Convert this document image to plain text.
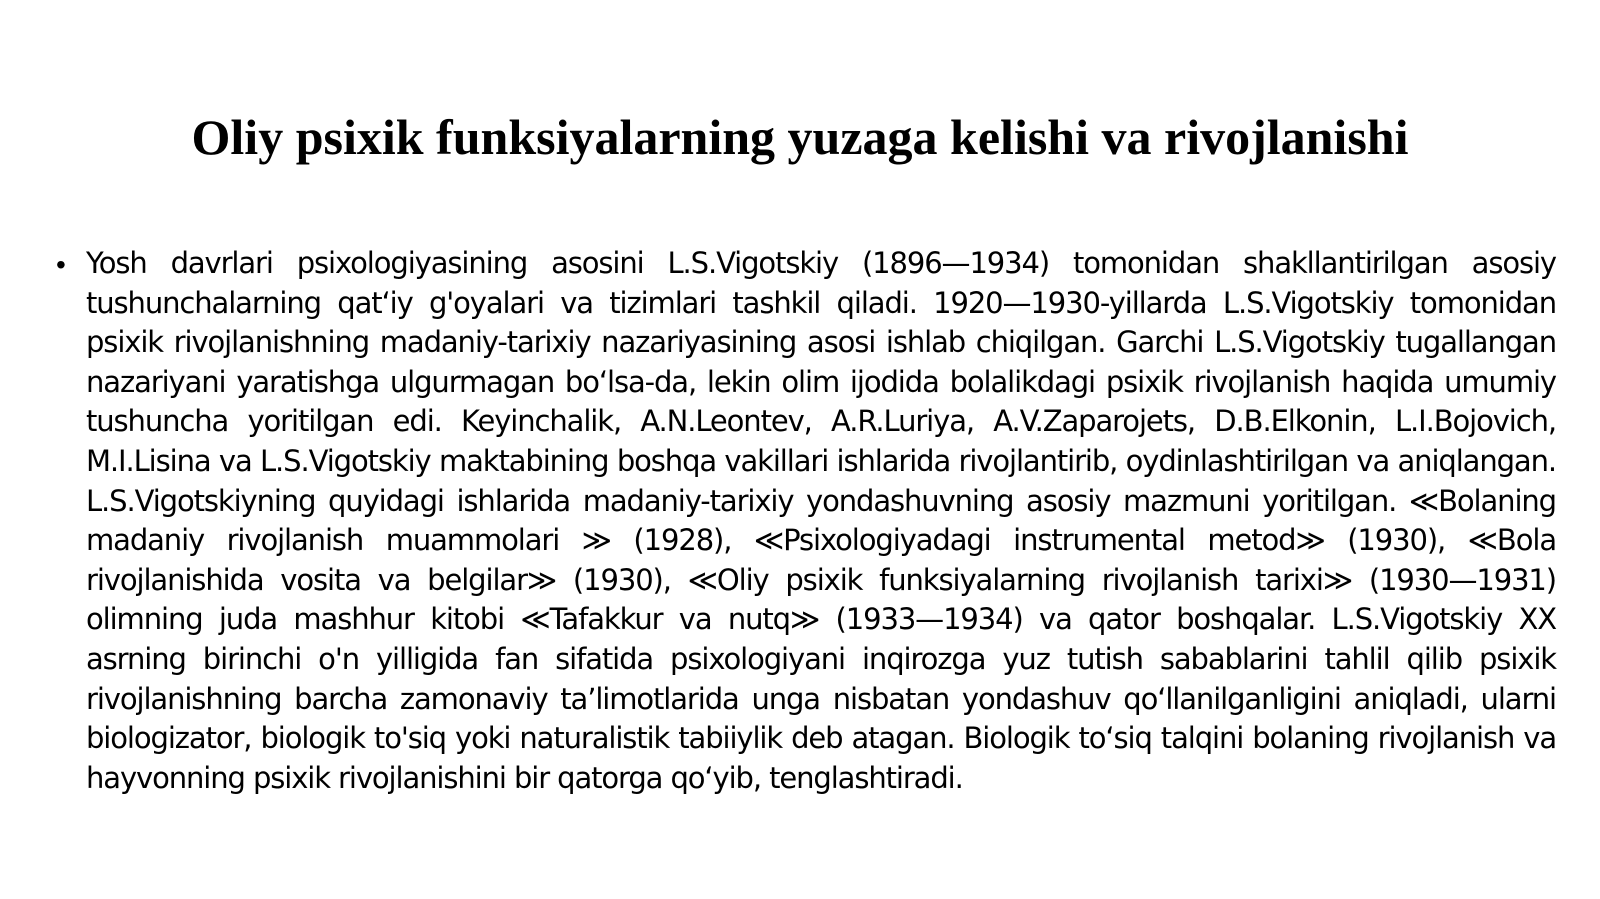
Oliy psixik funksiyalarning yuzaga kelishi va rivojlanishi
• Yosh davrlari psixologiyasining asosini L.S.Vigotskiy (1896—1934) tomonidan shakllantirilgan asosiy tushunchalarning qat‘iy g'oyalari va tizimlari tashkil qiladi. 1920—1930-yillarda L.S.Vigotskiy tomonidan psixik rivojlanishning madaniy-tarixiy nazariyasining asosi ishlab chiqilgan. Garchi L.S.Vigotskiy tugallangan nazariyani yaratishga ulgurmagan bo‘lsa-da, lekin olim ijodida bolalikdagi psixik rivojlanish haqida umumiy tushuncha yoritilgan edi. Keyinchalik, A.N.Leontev, A.R.Luriya, A.V.Zaparojets, D.B.Elkonin, L.I.Bojovich, M.I.Lisina va L.S.Vigotskiy maktabining boshqa vakillari ishlarida rivojlantirib, oydinlashtirilgan va aniqlangan. L.S.Vigotskiyning quyidagi ishlarida madaniy-tarixiy yondashuvning asosiy mazmuni yoritilgan. ≪Bolaning madaniy rivojlanish muammolari ≫ (1928), ≪Psixologiyadagi instrumental metod≫ (1930), ≪Bola rivojlanishida vosita va belgilar≫ (1930), ≪Oliy psixik funksiyalarning rivojlanish tarixi≫ (1930—1931) olimning juda mashhur kitobi ≪Tafakkur va nutq≫ (1933—1934) va qator boshqalar. L.S.Vigotskiy XX asrning birinchi o'n yilligida fan sifatida psixologiyani inqirozga yuz tutish sabablarini tahlil qilib psixik rivojlanishning barcha zamonaviy ta’limotlarida unga nisbatan yondashuv qo‘llanilganligini aniqladi, ularni biologizator, biologik to'siq yoki naturalistik tabiiylik deb atagan. Biologik to‘siq talqini bolaning rivojlanish va hayvonning psixik rivojlanishini bir qatorga qo‘yib, tenglashtiradi.
